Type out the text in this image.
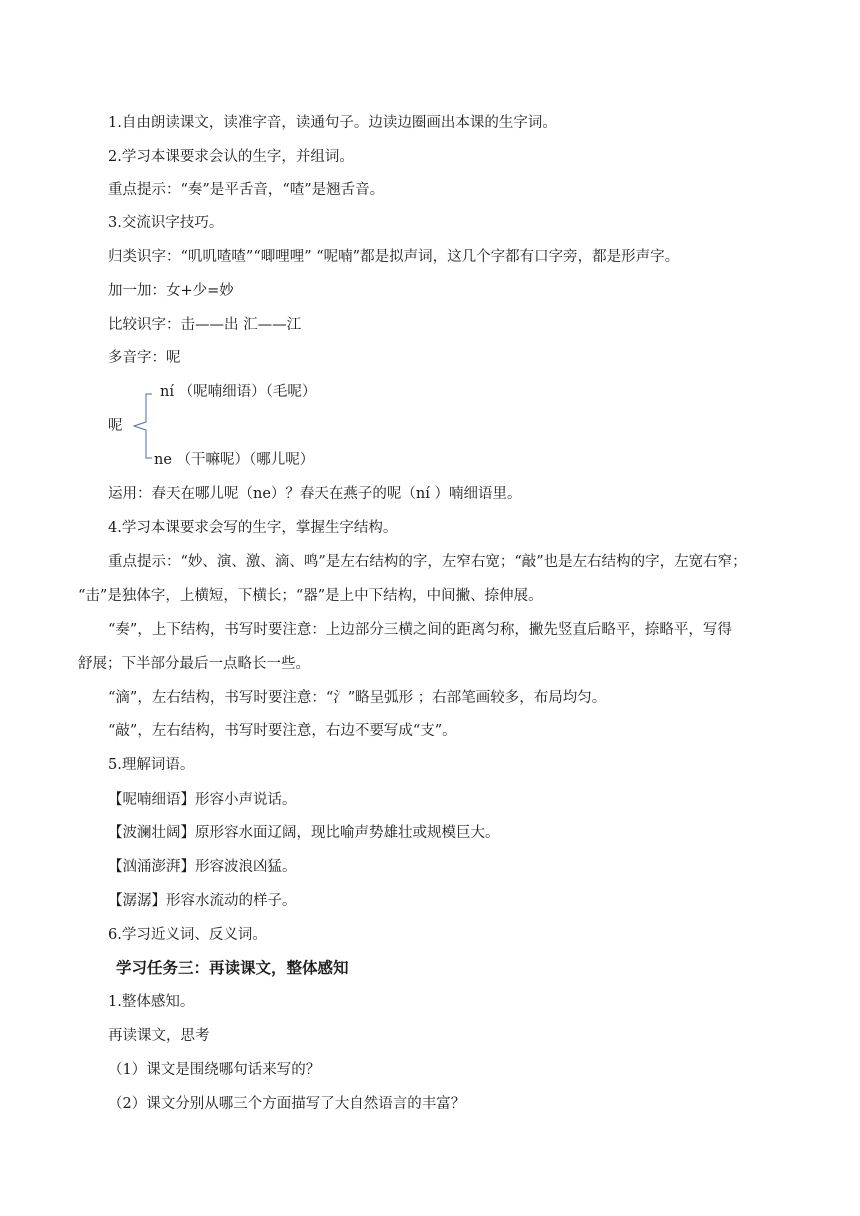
1.自由朗读课文，读准字音，读通句子。边读边圈画出本课的生字词。
2.学习本课要求会认的生字，并组词。
重点提示：“奏”是平舌音，“喳”是翘舌音。
3.交流识字技巧。
归类识字：“叽叽喳喳”“唧哩哩” “呢喃”都是拟声词，这几个字都有口字旁，都是形声字。
加一加：女+少=妙
比较识字：击——出 汇——江
多音字：呢
呢
ní （呢喃细语）（毛呢）
ne （干嘛呢）（哪儿呢）
运用：春天在哪儿呢（ne）？春天在燕子的呢（ní ）喃细语里。
4.学习本课要求会写的生字，掌握生字结构。
重点提示：“妙、演、激、滴、鸣”是左右结构的字，左窄右宽；“敲”也是左右结构的字，左宽右窄；
“击”是独体字，上横短，下横长；“器”是上中下结构，中间撇、捺伸展。
“奏”，上下结构，书写时要注意：上边部分三横之间的距离匀称，撇先竖直后略平，捺略平，写得
舒展；下半部分最后一点略长一些。
“滴”，左右结构，书写时要注意：“氵”略呈弧形 ；右部笔画较多，布局均匀。
“敲”，左右结构，书写时要注意，右边不要写成“支”。
5.理解词语。
【呢喃细语】形容小声说话。
【波澜壮阔】原形容水面辽阔，现比喻声势雄壮或规模巨大。
【汹涌澎湃】形容波浪凶猛。
【潺潺】形容水流动的样子。
6.学习近义词、反义词。
学习任务三：再读课文，整体感知
1.整体感知。
再读课文，思考
（1）课文是围绕哪句话来写的？
（2）课文分别从哪三个方面描写了大自然语言的丰富？
